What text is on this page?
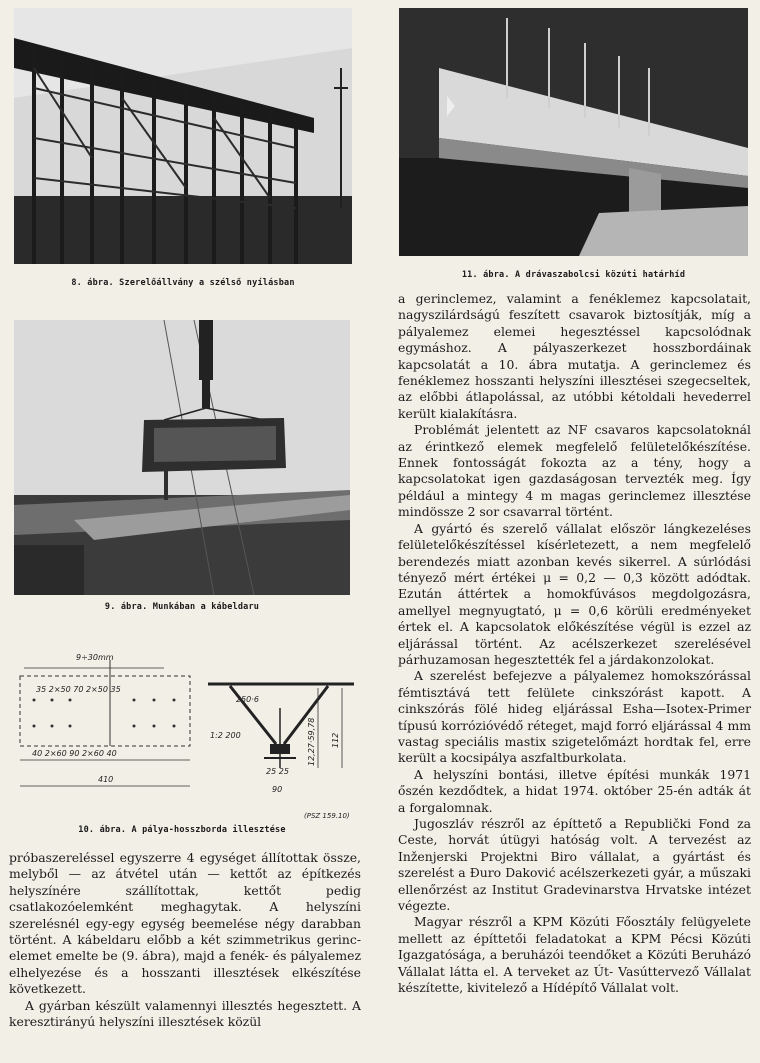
8. ábra. Szerelőállvány a szélső nyílásban
11. ábra. A drávaszabolcsi közúti határhíd
9. ábra. Munkában a kábeldaru
9÷30mm
35 2×50 70 2×50 35
40 2×60 90 2×60 40
410
250·6
1:2 200
25 25
90
12,27·59,78 112
(PSZ 159.10)
10. ábra. A pálya-hosszborda illesztése

próbaszereléssel egyszerre 4 egységet állítottak össze, melyből — az átvétel után — kettőt az építkezés helyszínére szállítottak, kettőt pedig csatlakozóelemként meghagytak. A helyszíni szerelésnél egy-egy egység beemelése négy darabban történt. A kábeldaru előbb a két szimmetrikus gerincelemet emelte be (9. ábra), majd a fenék- és pályalemez elhelyezése és a hosszanti illesztések elkészítése következett.

A gyárban készült valamennyi illesztés hegesztett. A keresztirányú helyszíni illesztések közül

a gerinclemez, valamint a fenéklemez kapcsolatait, nagyszilárdságú feszített csavarok biztosítják, míg a pályalemez elemei hegesztéssel kapcsolódnak egymáshoz. A pályaszerkezet hosszbordáinak kapcsolatát a 10. ábra mutatja. A gerinclemez és fenéklemez hosszanti helyszíni illesztései szegecseltek, az előbbi átlapolással, az utóbbi kétoldali hevederrel került kialakításra.

Problémát jelentett az NF csavaros kapcsolatoknál az érintkező elemek megfelelő felületelőkészítése. Ennek fontosságát fokozta az a tény, hogy a kapcsolatokat igen gazdaságosan tervezték meg. Így például a mintegy 4 m magas gerinclemez illesztése mindössze 2 sor csavarral történt.

A gyártó és szerelő vállalat először lángkezeléses felületelőkészítéssel kísérletezett, a nem megfelelő berendezés miatt azonban kevés sikerrel. A súrlódási tényező mért értékei μ = 0,2 — 0,3 között adódtak. Ezután áttértek a homokfúvásos megdolgozásra, amellyel megnyugtató, μ = 0,6 körüli eredményeket értek el. A kapcsolatok előkészítése végül is ezzel az eljárással történt. Az acélszerkezet szerelésével párhuzamosan hegesztették fel a járdakonzolokat.

A szerelést befejezve a pályalemez homokszórással fémtisztává tett felülete cinkszórást kapott. A cinkszórás fölé hideg eljárással Esha—Isotex-Primer típusú korrózióvédő réteget, majd forró eljárással 4 mm vastag speciális mastix szigetelőmázt hordtak fel, erre került a kocsipálya aszfaltburkolata.

A helyszíni bontási, illetve építési munkák 1971 őszén kezdődtek, a hidat 1974. október 25-én adták át a forgalomnak.

Jugoszláv részről az építtető a Republički Fond za Ceste, horvát útügyi hatóság volt. A tervezést az Inženjerski Projektni Biro vállalat, a gyártást és szerelést a Đuro Daković acélszerkezeti gyár, a műszaki ellenőrzést az Institut Gradevinarstva Hrvatske intézet végezte.

Magyar részről a KPM Közúti Főosztály felügyelete mellett az építtetői feladatokat a KPM Pécsi Közúti Igazgatósága, a beruházói teendőket a Közúti Beruházó Vállalat látta el. A terveket az Út- Vasúttervező Vállalat készítette, kivitelező a Hídépítő Vállalat volt.
